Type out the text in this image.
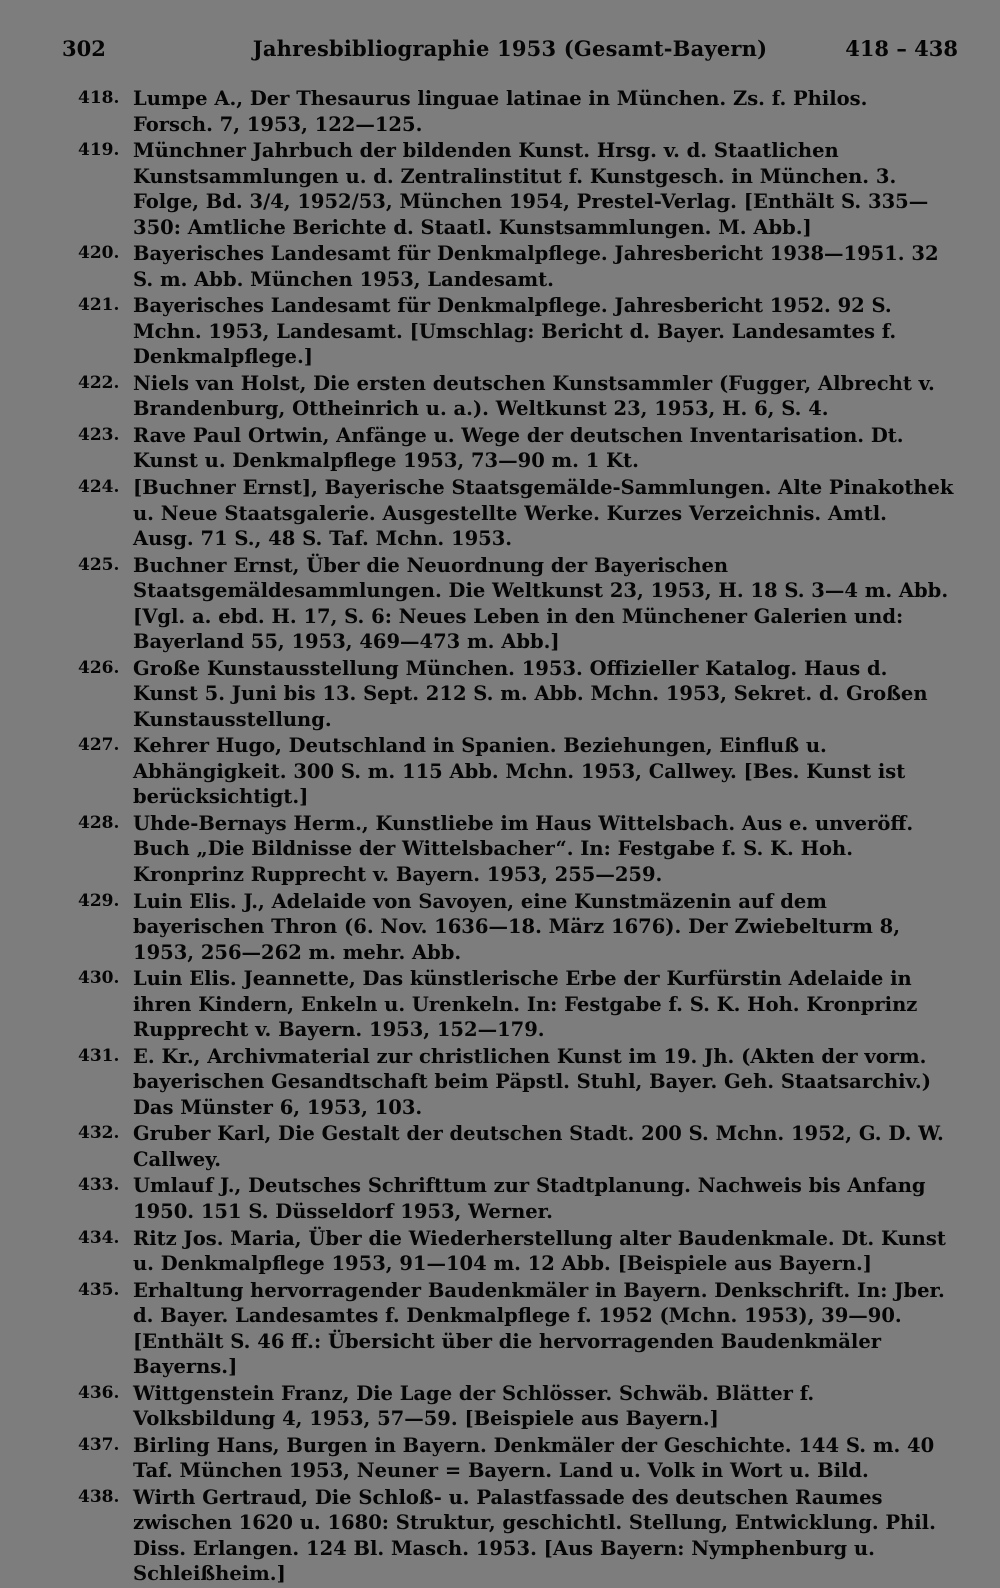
302	Jahresbibliographie 1953 (Gesamt-Bayern)	418 – 438
418. Lumpe A., Der Thesaurus linguae latinae in München. Zs. f. Philos. Forsch. 7, 1953, 122—125.
419. Münchner Jahrbuch der bildenden Kunst. Hrsg. v. d. Staatlichen Kunstsammlungen u. d. Zentralinstitut f. Kunstgesch. in München. 3. Folge, Bd. 3/4, 1952/53, München 1954, Prestel-Verlag. [Enthält S. 335—350: Amtliche Berichte d. Staatl. Kunstsammlungen. M. Abb.]
420. Bayerisches Landesamt für Denkmalpflege. Jahresbericht 1938—1951. 32 S. m. Abb. München 1953, Landesamt.
421. Bayerisches Landesamt für Denkmalpflege. Jahresbericht 1952. 92 S. Mchn. 1953, Landesamt. [Umschlag: Bericht d. Bayer. Landesamtes f. Denkmalpflege.]
422. Niels van Holst, Die ersten deutschen Kunstsammler (Fugger, Albrecht v. Brandenburg, Ottheinrich u. a.). Weltkunst 23, 1953, H. 6, S. 4.
423. Rave Paul Ortwin, Anfänge u. Wege der deutschen Inventarisation. Dt. Kunst u. Denkmalpflege 1953, 73—90 m. 1 Kt.
424. [Buchner Ernst], Bayerische Staatsgemälde-Sammlungen. Alte Pinakothek u. Neue Staatsgalerie. Ausgestellte Werke. Kurzes Verzeichnis. Amtl. Ausg. 71 S., 48 S. Taf. Mchn. 1953.
425. Buchner Ernst, Über die Neuordnung der Bayerischen Staatsgemäldesammlungen. Die Weltkunst 23, 1953, H. 18 S. 3—4 m. Abb. [Vgl. a. ebd. H. 17, S. 6: Neues Leben in den Münchener Galerien und: Bayerland 55, 1953, 469—473 m. Abb.]
426. Große Kunstausstellung München. 1953. Offizieller Katalog. Haus d. Kunst 5. Juni bis 13. Sept. 212 S. m. Abb. Mchn. 1953, Sekret. d. Großen Kunstausstellung.
427. Kehrer Hugo, Deutschland in Spanien. Beziehungen, Einfluß u. Abhängigkeit. 300 S. m. 115 Abb. Mchn. 1953, Callwey. [Bes. Kunst ist berücksichtigt.]
428. Uhde-Bernays Herm., Kunstliebe im Haus Wittelsbach. Aus e. unveröff. Buch „Die Bildnisse der Wittelsbacher“. In: Festgabe f. S. K. Hoh. Kronprinz Rupprecht v. Bayern. 1953, 255—259.
429. Luin Elis. J., Adelaide von Savoyen, eine Kunstmäzenin auf dem bayerischen Thron (6. Nov. 1636—18. März 1676). Der Zwiebelturm 8, 1953, 256—262 m. mehr. Abb.
430. Luin Elis. Jeannette, Das künstlerische Erbe der Kurfürstin Adelaide in ihren Kindern, Enkeln u. Urenkeln. In: Festgabe f. S. K. Hoh. Kronprinz Rupprecht v. Bayern. 1953, 152—179.
431. E. Kr., Archivmaterial zur christlichen Kunst im 19. Jh. (Akten der vorm. bayerischen Gesandtschaft beim Päpstl. Stuhl, Bayer. Geh. Staatsarchiv.) Das Münster 6, 1953, 103.
432. Gruber Karl, Die Gestalt der deutschen Stadt. 200 S. Mchn. 1952, G. D. W. Callwey.
433. Umlauf J., Deutsches Schrifttum zur Stadtplanung. Nachweis bis Anfang 1950. 151 S. Düsseldorf 1953, Werner.
434. Ritz Jos. Maria, Über die Wiederherstellung alter Baudenkmale. Dt. Kunst u. Denkmalpflege 1953, 91—104 m. 12 Abb. [Beispiele aus Bayern.]
435. Erhaltung hervorragender Baudenkmäler in Bayern. Denkschrift. In: Jber. d. Bayer. Landesamtes f. Denkmalpflege f. 1952 (Mchn. 1953), 39—90. [Enthält S. 46 ff.: Übersicht über die hervorragenden Baudenkmäler Bayerns.]
436. Wittgenstein Franz, Die Lage der Schlösser. Schwäb. Blätter f. Volksbildung 4, 1953, 57—59. [Beispiele aus Bayern.]
437. Birling Hans, Burgen in Bayern. Denkmäler der Geschichte. 144 S. m. 40 Taf. München 1953, Neuner = Bayern. Land u. Volk in Wort u. Bild.
438. Wirth Gertraud, Die Schloß- u. Palastfassade des deutschen Raumes zwischen 1620 u. 1680: Struktur, geschichtl. Stellung, Entwicklung. Phil. Diss. Erlangen. 124 Bl. Masch. 1953. [Aus Bayern: Nymphenburg u. Schleißheim.]
